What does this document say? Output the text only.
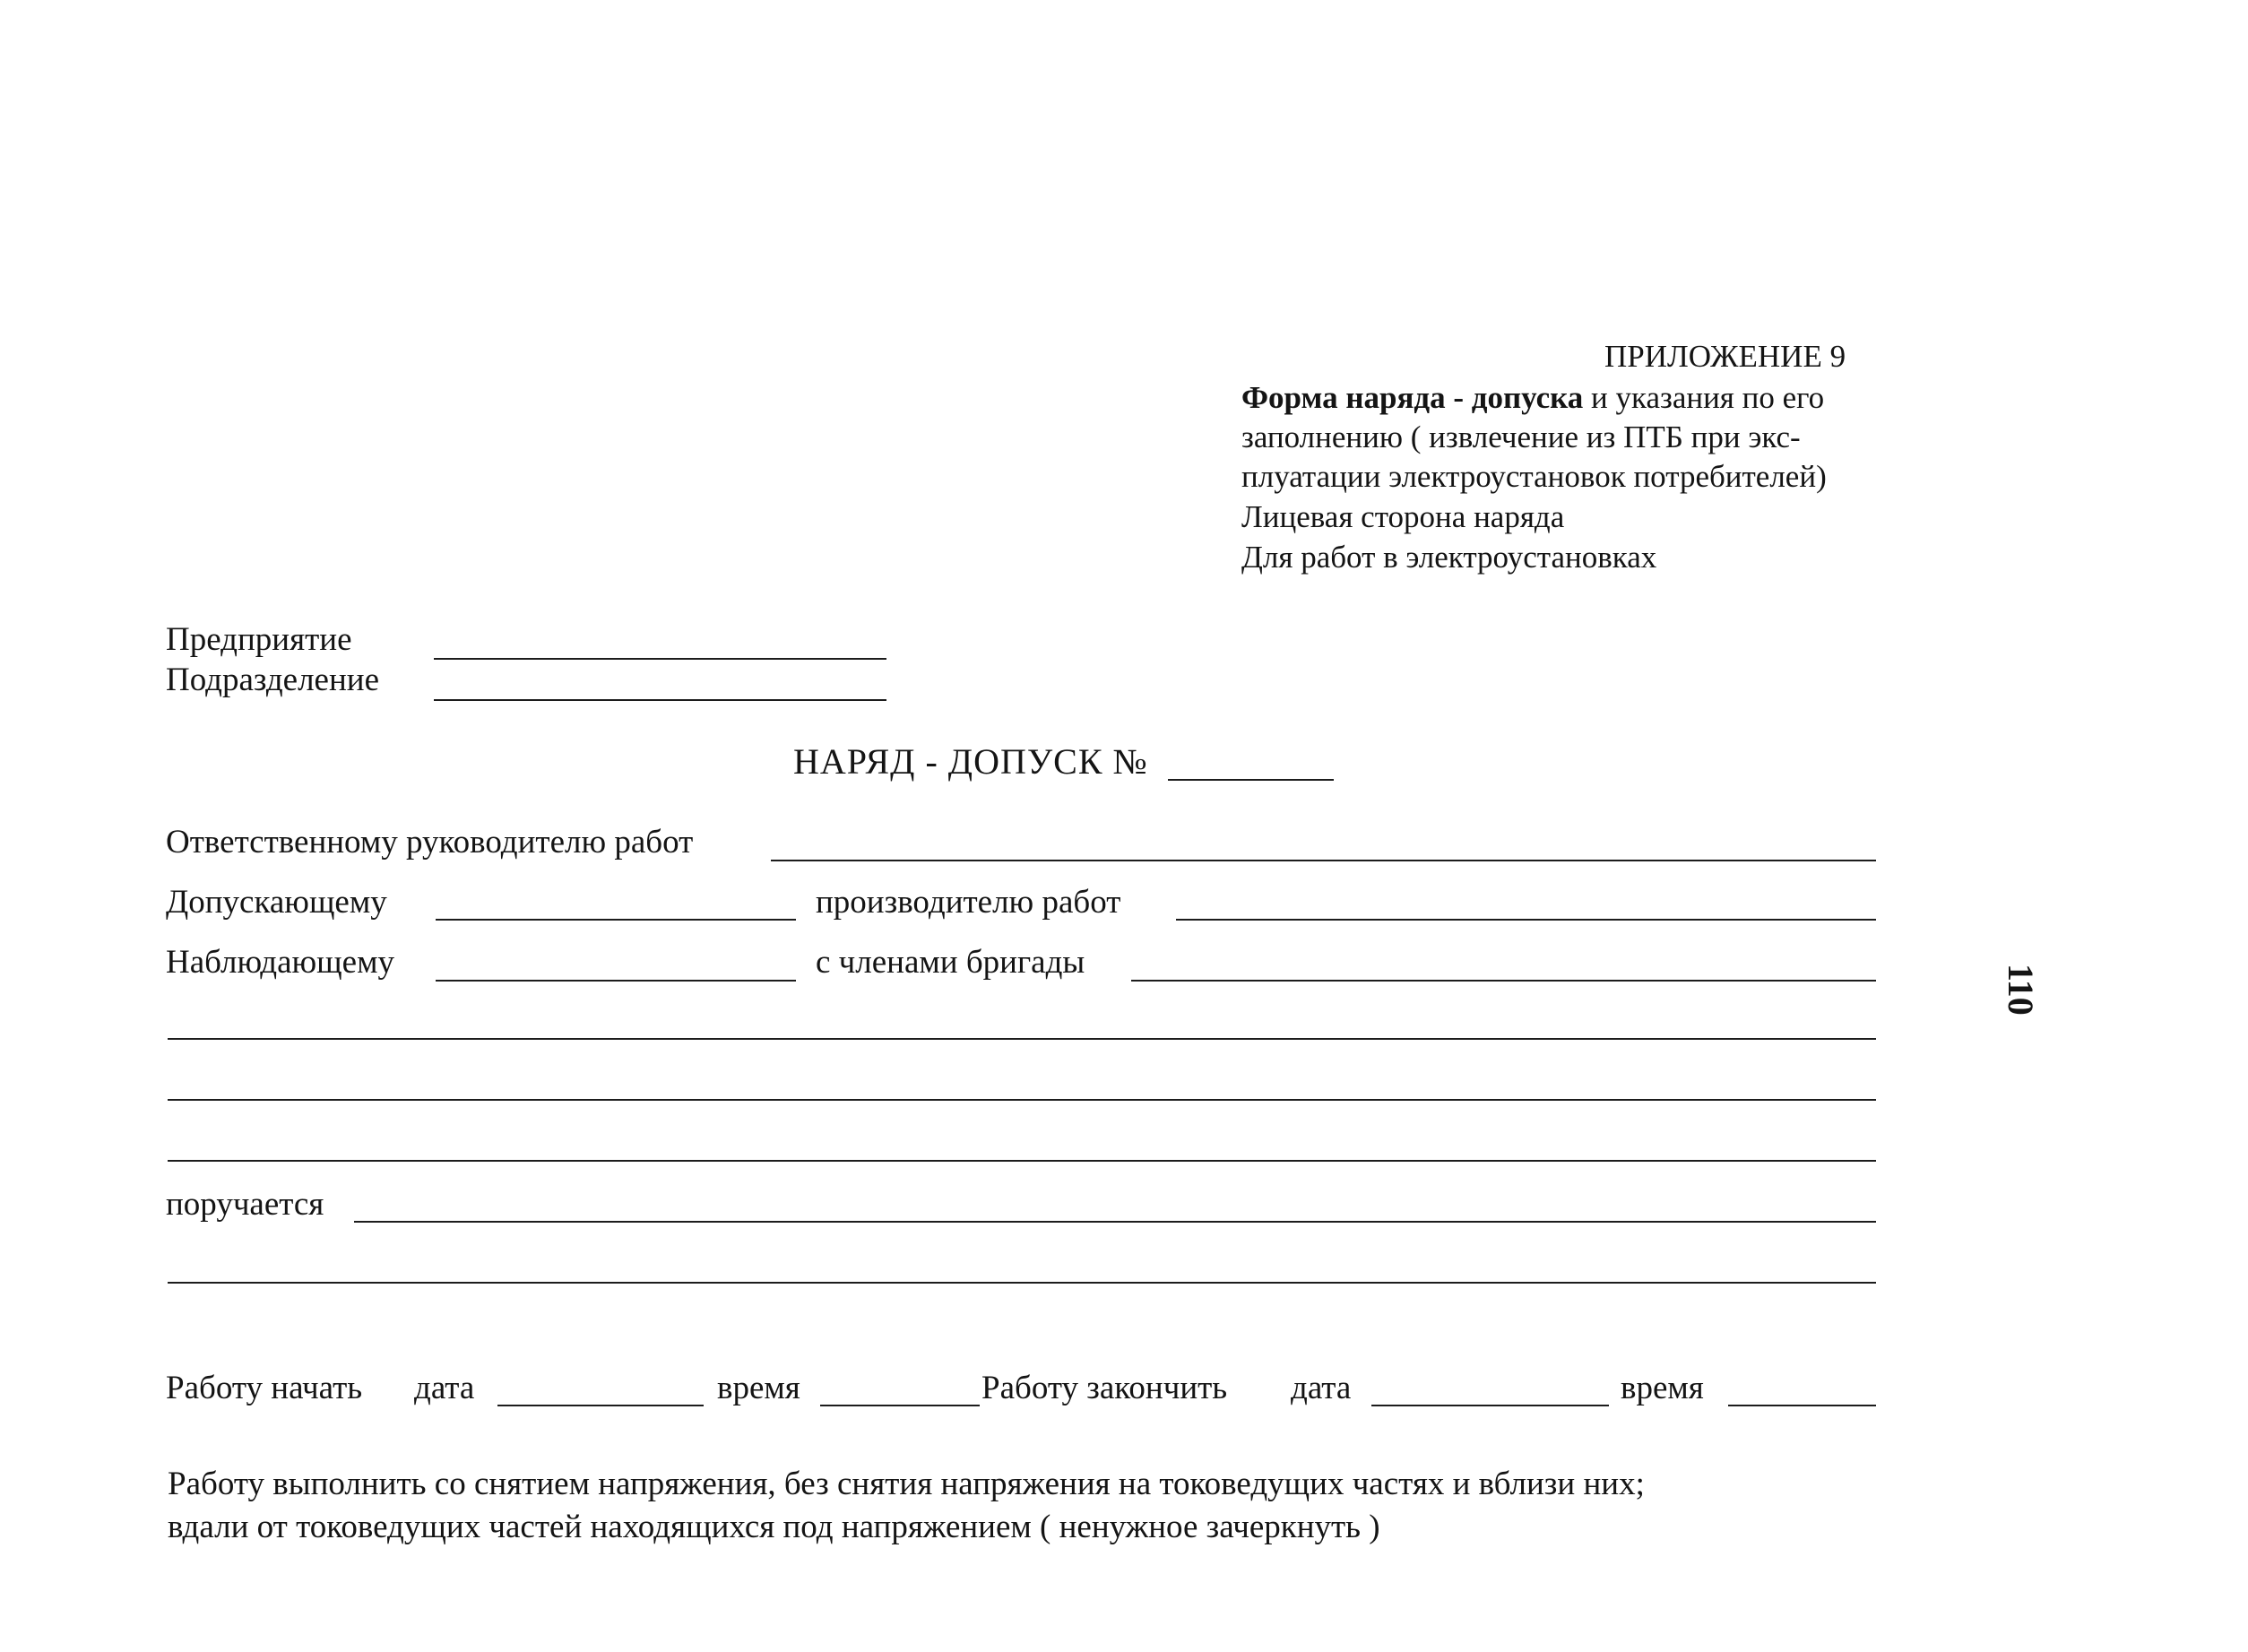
ПРИЛОЖЕНИЕ 9
Форма наряда - допуска и указания по его
заполнению ( извлечение из ПТБ при экс-
плуатации электроустановок потребителей)
Лицевая сторона наряда
Для работ в электроустановках
Предприятие
Подразделение
НАРЯД - ДОПУСК №
Ответственному руководителю работ
Допускающему	производителю работ
Наблюдающему	с членами бригады
поручается
Работу начать дата	время	Работу закончить дата	время
Работу выполнить со снятием напряжения, без снятия напряжения на токоведущих частях и вблизи них;
вдали от токоведущих частей находящихся под напряжением ( ненужное зачеркнуть )
110
